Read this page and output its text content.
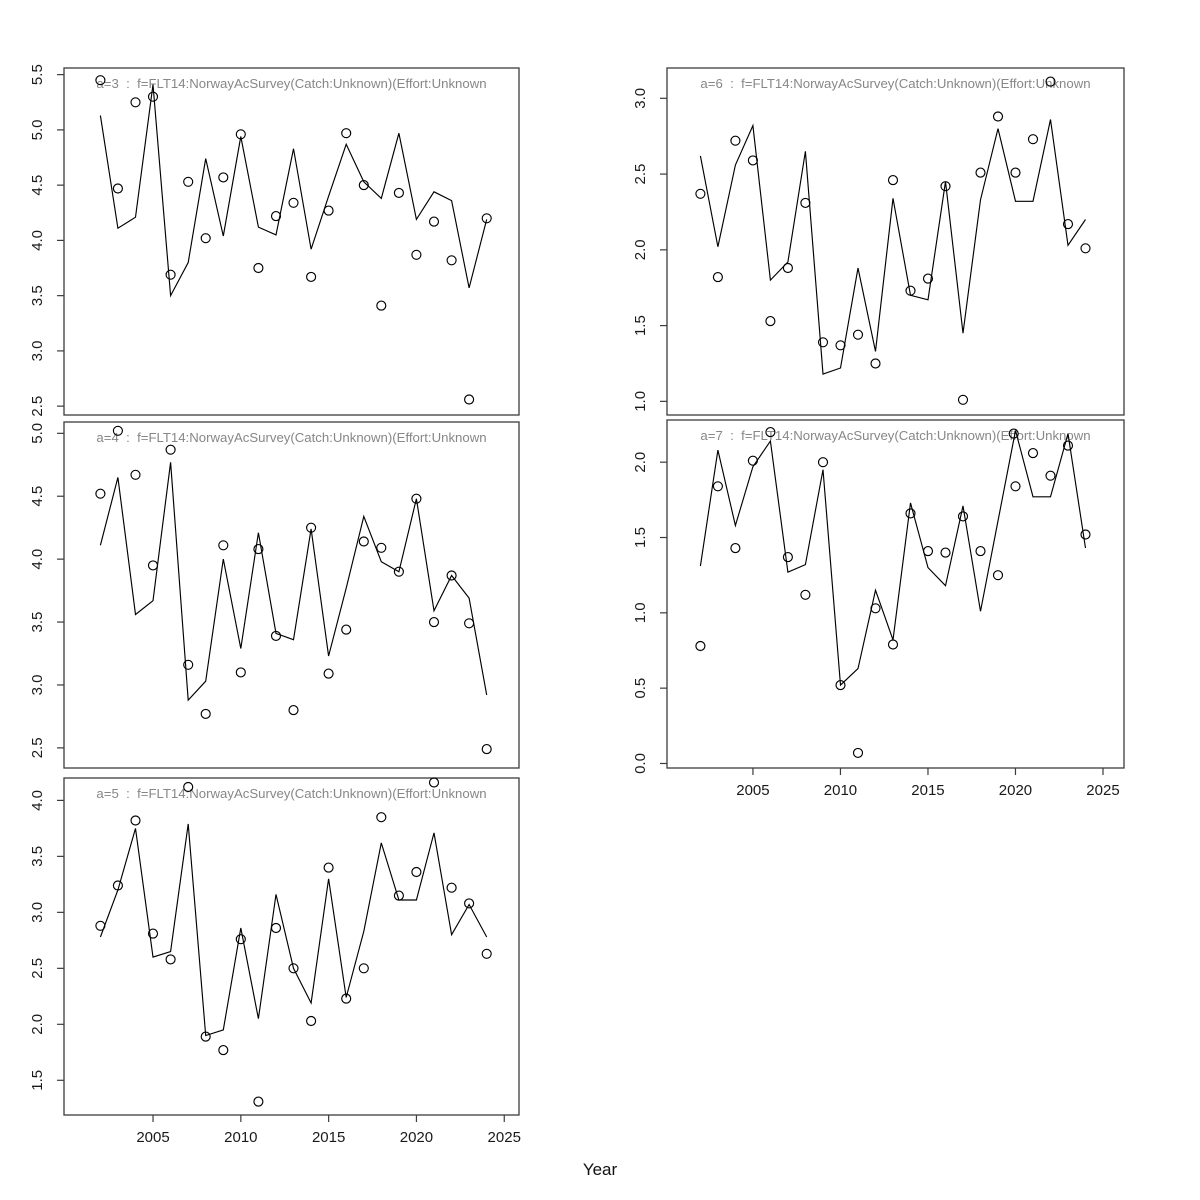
2.5
3.0
3.5
4.0
4.5
5.0
5.5	a=3  :  f=FLT14:NorwayAcSurvey(Catch:Unknown)(Effort:Unknown
2.5
3.0
3.5
4.0
4.5
5.0	a=4  :  f=FLT14:NorwayAcSurvey(Catch:Unknown)(Effort:Unknown
1.5
2.0
2.5
3.0
3.5
4.0
2005	2010	2015	2020	2025
a=5  :  f=FLT14:NorwayAcSurvey(Catch:Unknown)(Effort:Unknown
1.0
1.5
2.0
2.5
3.0
a=6  :  f=FLT14:NorwayAcSurvey(Catch:Unknown)(Effort:Unknown
0.0
0.5
1.0
1.5
2.0
2005	2010	2015	2020	2025
a=7  :  f=FLT14:NorwayAcSurvey(Catch:Unknown)(Effort:Unknown
Year
